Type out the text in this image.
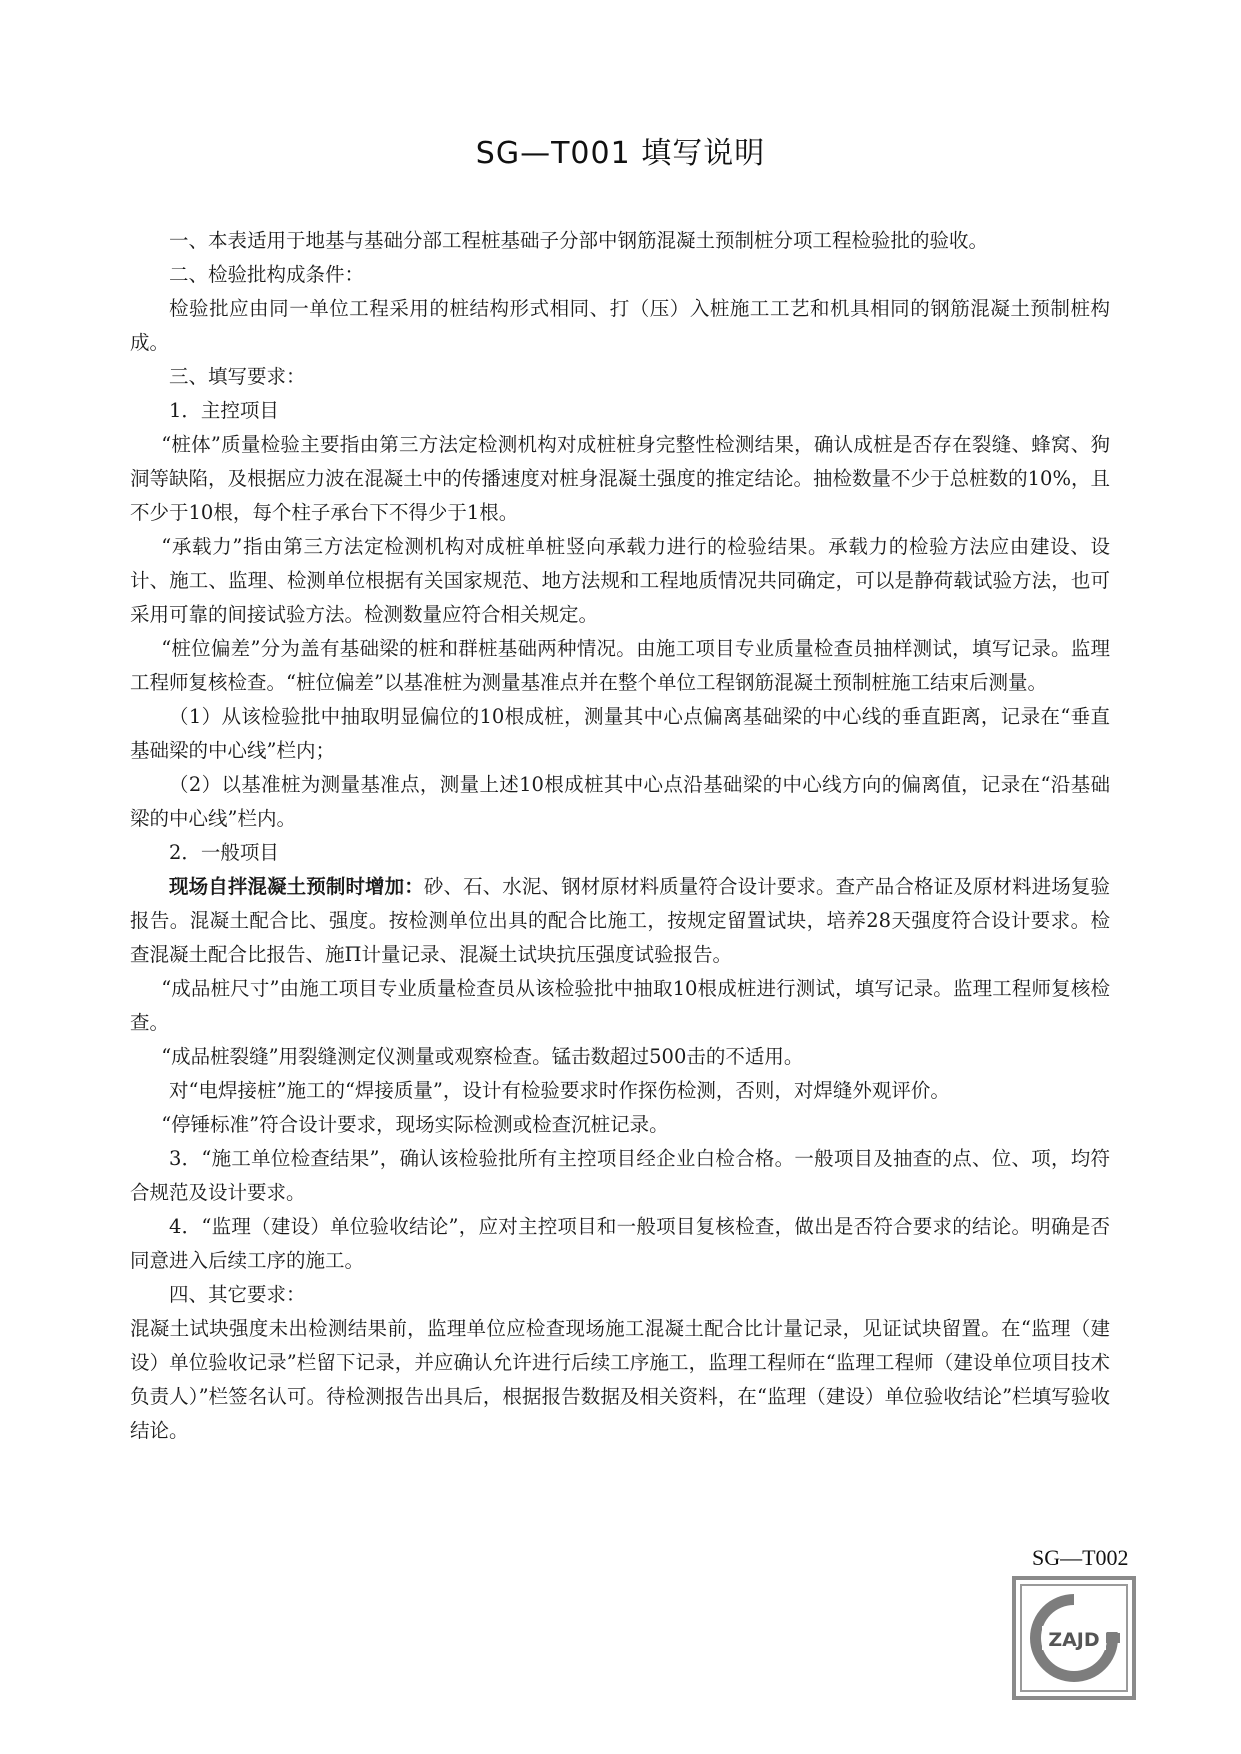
SG—T001 填写说明

一、本表适用于地基与基础分部工程桩基础子分部中钢筋混凝土预制桩分项工程检验批的验收。

二、检验批构成条件：

检验批应由同一单位工程采用的桩结构形式相同、打（压）入桩施工工艺和机具相同的钢筋混凝土预制桩构成。

三、填写要求：

1．主控项目

“桩体”质量检验主要指由第三方法定检测机构对成桩桩身完整性检测结果，确认成桩是否存在裂缝、蜂窝、狗洞等缺陷，及根据应力波在混凝土中的传播速度对桩身混凝土强度的推定结论。抽检数量不少于总桩数的10%，且不少于10根，每个柱子承台下不得少于1根。

“承载力”指由第三方法定检测机构对成桩单桩竖向承载力进行的检验结果。承载力的检验方法应由建设、设计、施工、监理、检测单位根据有关国家规范、地方法规和工程地质情况共同确定，可以是静荷载试验方法，也可采用可靠的间接试验方法。检测数量应符合相关规定。

“桩位偏差”分为盖有基础梁的桩和群桩基础两种情况。由施工项目专业质量检查员抽样测试，填写记录。监理工程师复核检查。“桩位偏差”以基准桩为测量基准点并在整个单位工程钢筋混凝土预制桩施工结束后测量。

（1）从该检验批中抽取明显偏位的10根成桩，测量其中心点偏离基础梁的中心线的垂直距离，记录在“垂直基础梁的中心线”栏内；

（2）以基准桩为测量基准点，测量上述10根成桩其中心点沿基础梁的中心线方向的偏离值，记录在“沿基础梁的中心线”栏内。

2．一般项目

现场自拌混凝土预制时增加：砂、石、水泥、钢材原材料质量符合设计要求。查产品合格证及原材料进场复验报告。混凝土配合比、强度。按检测单位出具的配合比施工，按规定留置试块，培养28天强度符合设计要求。检查混凝土配合比报告、施Π计量记录、混凝土试块抗压强度试验报告。

“成品桩尺寸”由施工项目专业质量检查员从该检验批中抽取10根成桩进行测试，填写记录。监理工程师复核检查。

“成品桩裂缝”用裂缝测定仪测量或观察检查。锰击数超过500击的不适用。

对“电焊接桩”施工的“焊接质量”，设计有检验要求时作探伤检测，否则，对焊缝外观评价。

“停锤标准”符合设计要求，现场实际检测或检查沉桩记录。

3．“施工单位检查结果”，确认该检验批所有主控项目经企业白检合格。一般项目及抽查的点、位、项，均符合规范及设计要求。

4．“监理（建设）单位验收结论”，应对主控项目和一般项目复核检查，做出是否符合要求的结论。明确是否同意进入后续工序的施工。

四、其它要求：

混凝土试块强度未出检测结果前，监理单位应检查现场施工混凝土配合比计量记录，见证试块留置。在“监理（建设）单位验收记录”栏留下记录，并应确认允许进行后续工序施工，监理工程师在“监理工程师（建设单位项目技术负责人）”栏签名认可。待检测报告出具后，根据报告数据及相关资料，在“监理（建设）单位验收结论”栏填写验收结论。

SG—T002
ZAJD
